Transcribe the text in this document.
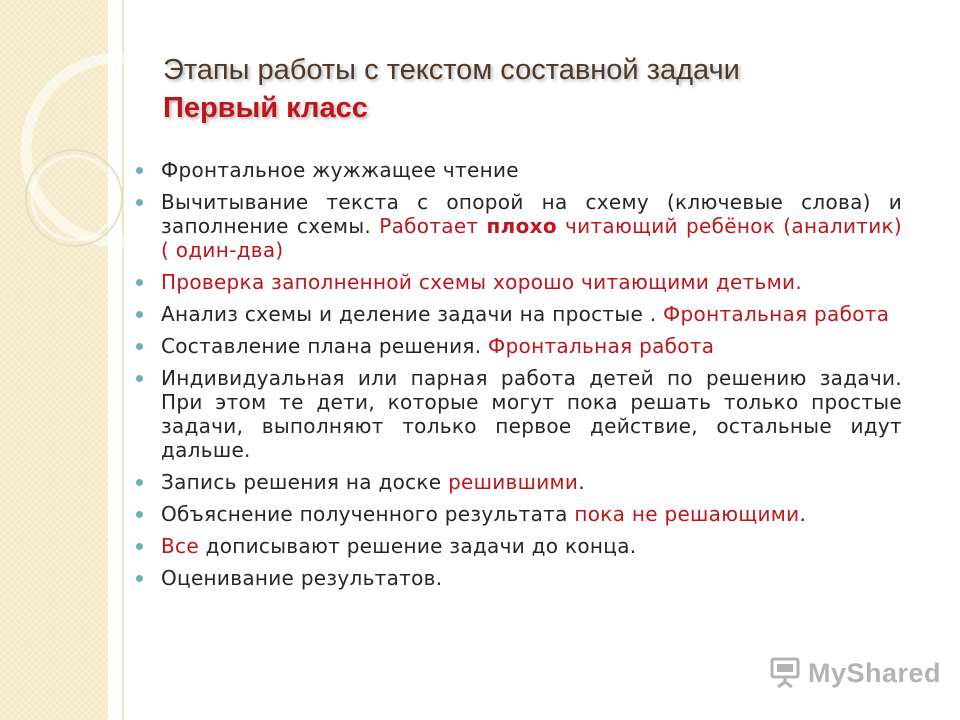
Этапы работы с текстом составной задачи
Первый класс
Фронтальное жужжащее чтение
Вычитывание текста с опорой на схему (ключевые слова) и заполнение схемы. Работает плохо читающий ребёнок (аналитик) ( один-два)
Проверка заполненной схемы хорошо читающими детьми.
Анализ схемы и деление задачи на простые . Фронтальная работа
Составление плана решения. Фронтальная работа
Индивидуальная или парная работа детей по решению задачи. При этом те дети, которые могут пока решать только простые задачи, выполняют только первое действие, остальные идут дальше.
Запись решения на доске решившими.
Объяснение полученного результата пока не решающими.
Все дописывают решение задачи до конца.
Оценивание результатов.
MyShared
